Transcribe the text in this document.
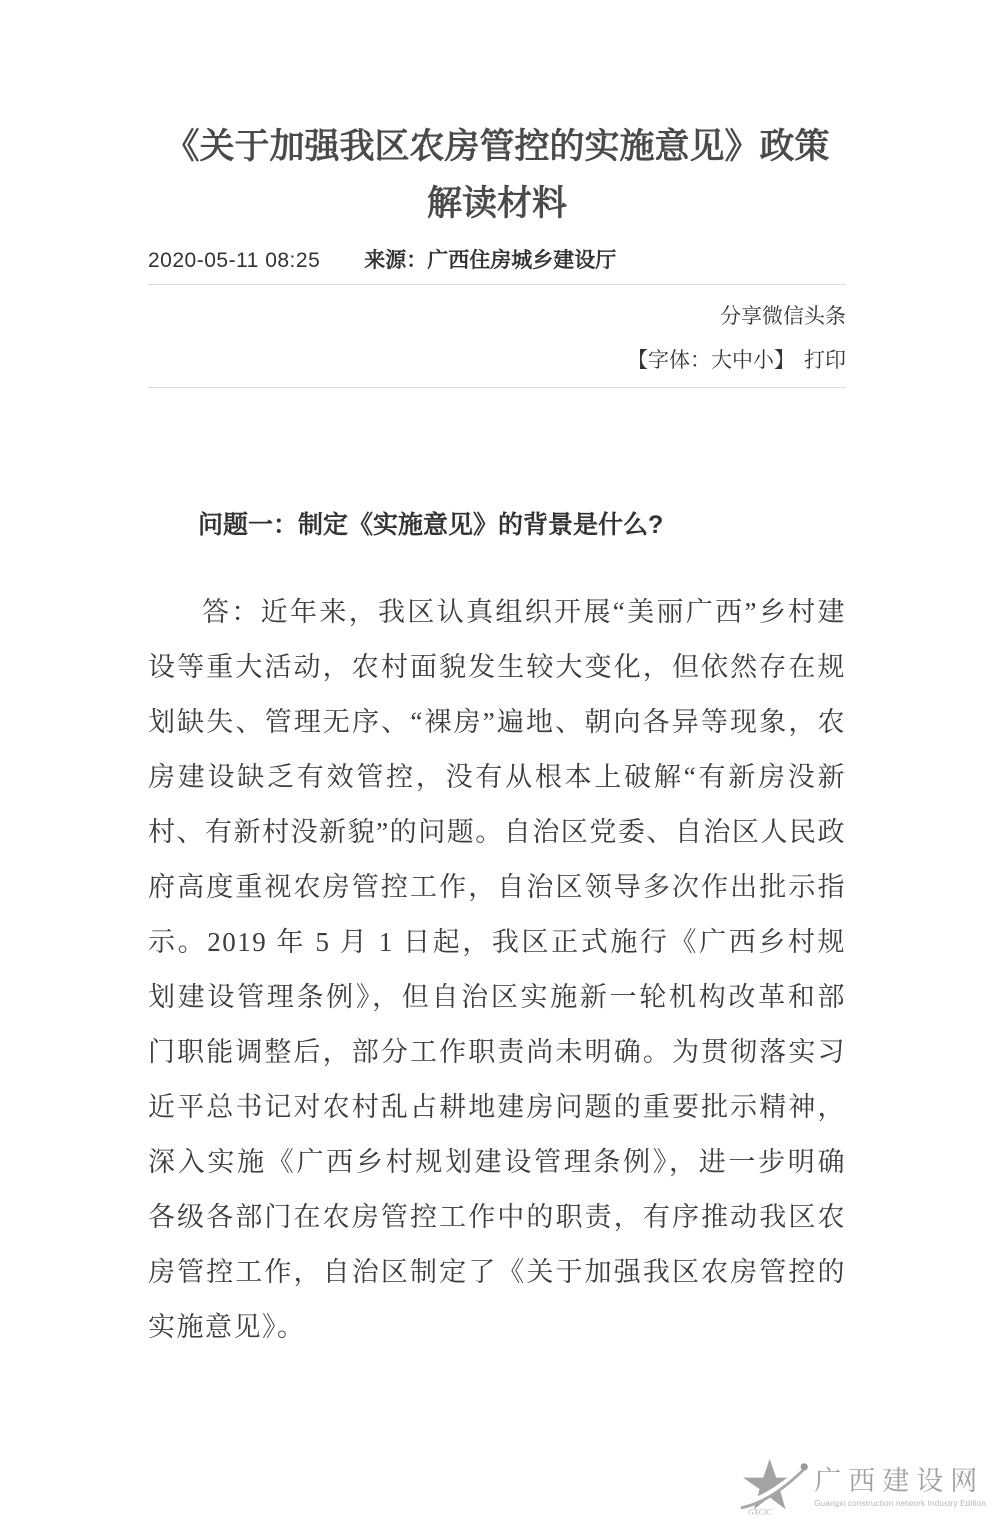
《关于加强我区农房管控的实施意见》政策解读材料
2020-05-11 08:25 来源：广西住房城乡建设厅
分享微信头条
【字体：大中小】 打印
问题一：制定《实施意见》的背景是什么?

答：近年来，我区认真组织开展“美丽广西”乡村建设等重大活动，农村面貌发生较大变化，但依然存在规划缺失、管理无序、“裸房”遍地、朝向各异等现象，农房建设缺乏有效管控，没有从根本上破解“有新房没新村、有新村没新貌”的问题。自治区党委、自治区人民政府高度重视农房管控工作，自治区领导多次作出批示指示。2019 年 5 月 1 日起，我区正式施行《广西乡村规划建设管理条例》，但自治区实施新一轮机构改革和部门职能调整后，部分工作职责尚未明确。为贯彻落实习近平总书记对农村乱占耕地建房问题的重要批示精神，深入实施《广西乡村规划建设管理条例》，进一步明确各级各部门在农房管控工作中的职责，有序推动我区农房管控工作，自治区制定了《关于加强我区农房管控的实施意见》。

GXCIC
广西建设网
Guangxi construction network Industry Edition
